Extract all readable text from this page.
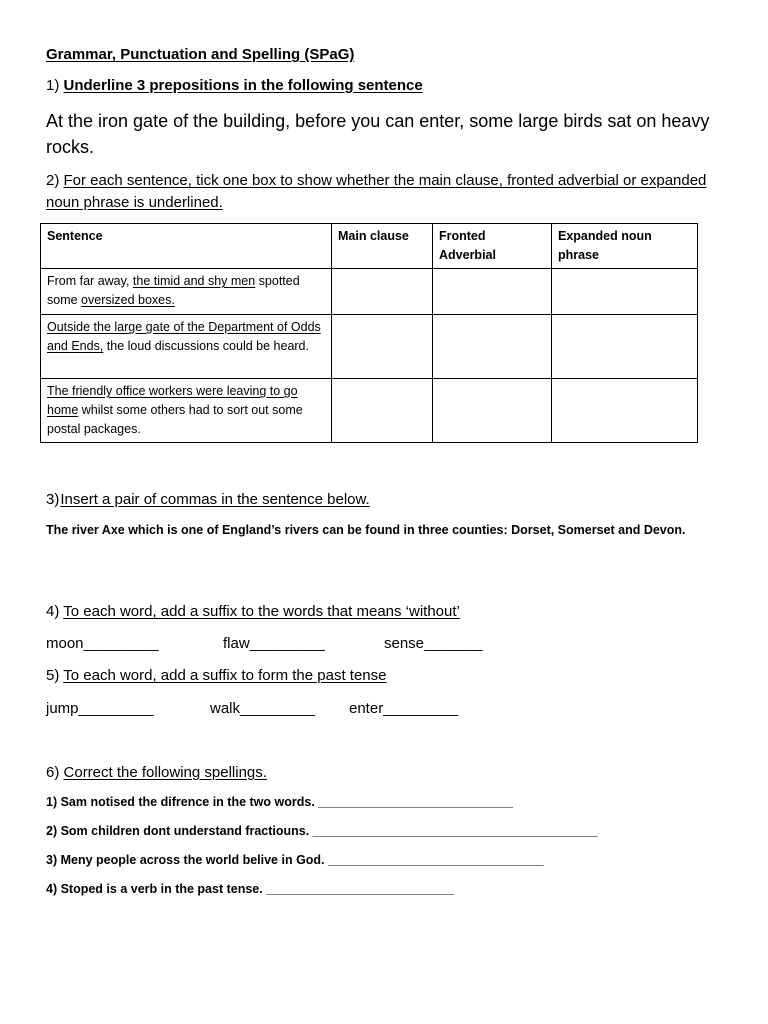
Grammar, Punctuation and Spelling (SPaG)
1) Underline 3 prepositions in the following sentence
At the iron gate of the building, before you can enter, some large birds sat on heavy rocks.
2) For each sentence, tick one box to show whether the main clause, fronted adverbial or expanded noun phrase is underlined.
Sentence	Main clause	Fronted Adverbial	Expanded noun phrase
From far away, the timid and shy men spotted some oversized boxes.			
Outside the large gate of the Department of Odds and Ends, the loud discussions could be heard.			
The friendly office workers were leaving to go home whilst some others had to sort out some postal packages.			
3)Insert a pair of commas in the sentence below.
The river Axe which is one of England’s rivers can be found in three counties: Dorset, Somerset and Devon.
4) To each word, add a suffix to the words that means ‘without’
moon_________	flaw_________	sense_______
5) To each word, add a suffix to form the past tense
jump_________	walk_________ enter_________
6) Correct the following spellings.
1) Sam notised the difrence in the two words. ____________________________
2) Som children dont understand fractiouns. _________________________________________
3) Meny people across the world belive in God. _______________________________
4) Stoped is a verb in the past tense. ___________________________
